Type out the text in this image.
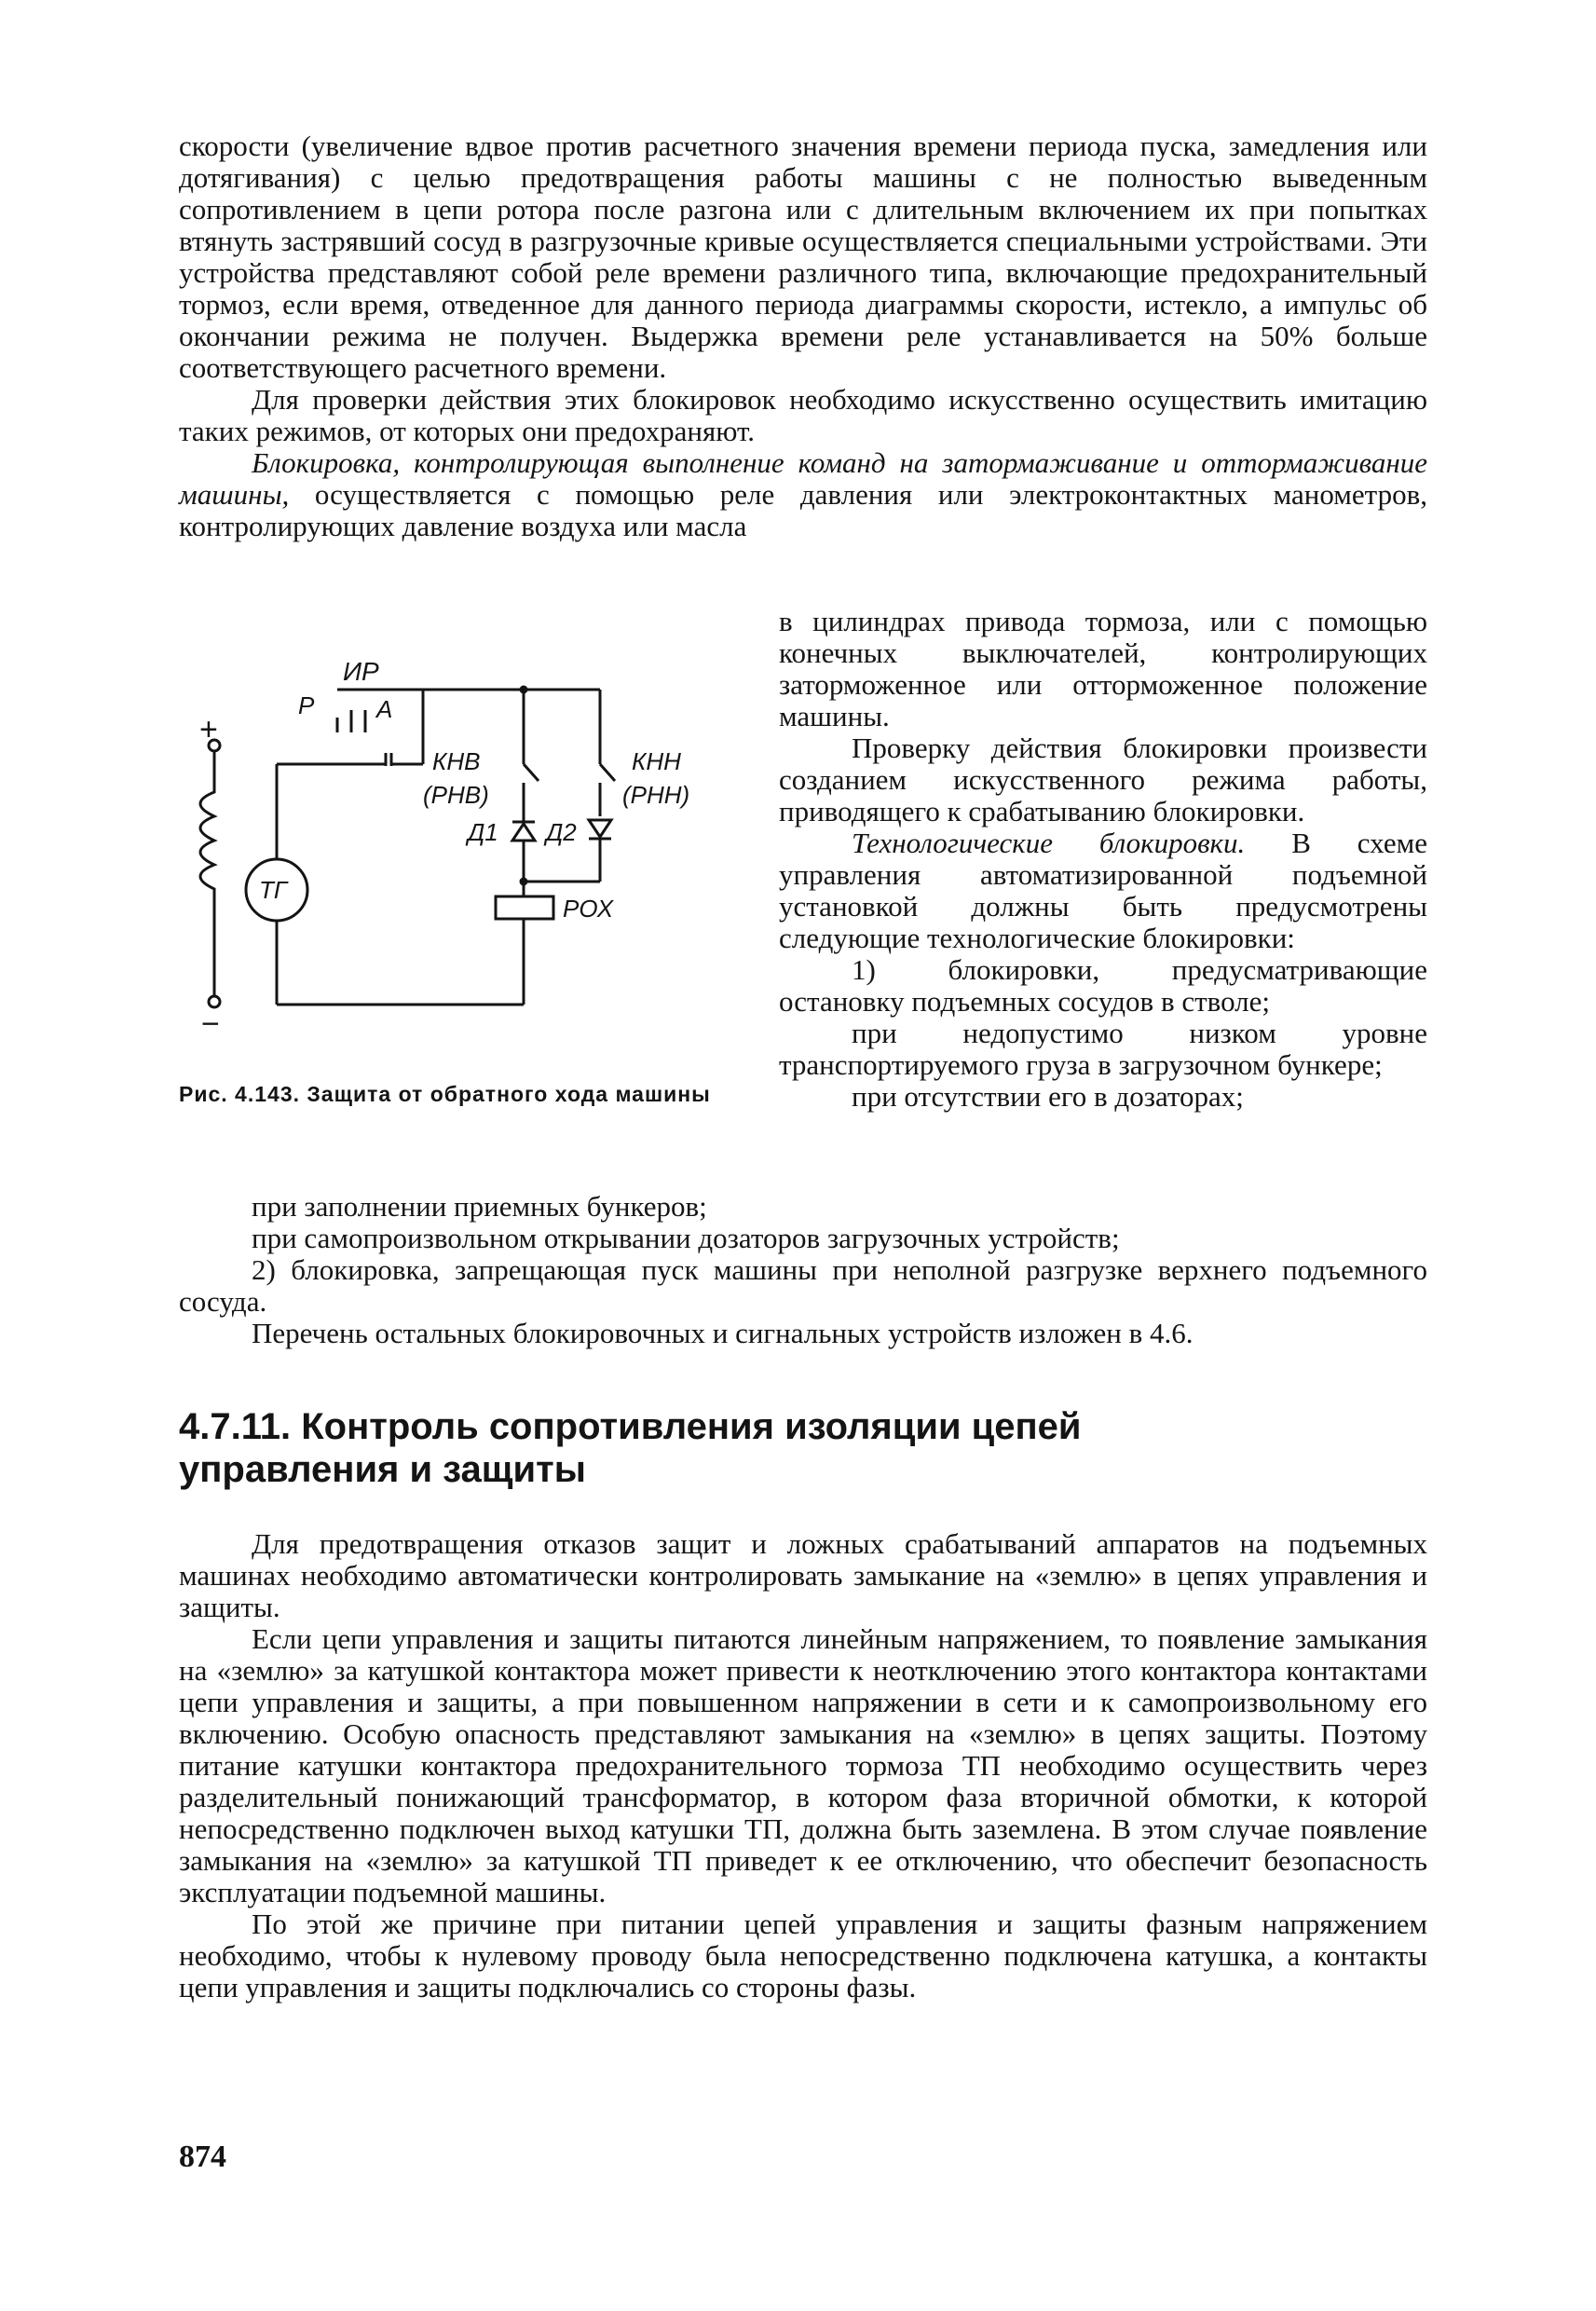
скорости (увеличение вдвое против расчетного значения времени периода пуска, замедления или дотягивания) с целью предотвращения работы машины с не полностью выведенным сопротивлением в цепи ротора после разгона или с длительным включением их при попытках втянуть застрявший сосуд в разгрузочные кривые осуществляется специальными устройствами. Эти устройства представляют собой реле времени различного типа, включающие предохранительный тормоз, если время, отведенное для данного периода диаграммы скорости, истекло, а импульс об окончании режима не получен. Выдержка времени реле устанавливается на 50% больше соответствующего расчетного времени.

Для проверки действия этих блокировок необходимо искусственно осуществить имитацию таких режимов, от которых они предохраняют.

Блокировка, контролирующая выполнение команд на затормаживание и оттормаживание машины, осуществляется с помощью реле давления или электроконтактных манометров, контролирующих давление воздуха или масла

+
−
ИР
Р	А
КНВ
(РНВ)
КНН
(РНН)
Д1 Д2
ТГ
РОХ
Рис. 4.143. Защита от обратного хода машины

в цилиндрах привода тормоза, или с помощью конечных выключателей, контролирующих заторможенное или отторможенное положение машины.

Проверку действия блокировки произвести созданием искусственного режима работы, приводящего к срабатыванию блокировки.

Технологические блокировки. В схеме управления автоматизированной подъемной установкой должны быть предусмотрены следующие технологические блокировки:

1) блокировки, предусматривающие остановку подъемных сосудов в стволе;

при недопустимо низком уровне транспортируемого груза в загрузочном бункере;

при отсутствии его в дозаторах;

при заполнении приемных бункеров;

при самопроизвольном открывании дозаторов загрузочных устройств;

2) блокировка, запрещающая пуск машины при неполной разгрузке верхнего подъемного сосуда.

Перечень остальных блокировочных и сигнальных устройств изложен в 4.6.

4.7.11. Контроль сопротивления изоляции цепей управления и защиты

Для предотвращения отказов защит и ложных срабатываний аппаратов на подъемных машинах необходимо автоматически контролировать замыкание на «землю» в цепях управления и защиты.

Если цепи управления и защиты питаются линейным напряжением, то появление замыкания на «землю» за катушкой контактора может привести к неотключению этого контактора контактами цепи управления и защиты, а при повышенном напряжении в сети и к самопроизвольному его включению. Особую опасность представляют замыкания на «землю» в цепях защиты. Поэтому питание катушки контактора предохранительного тормоза ТП необходимо осуществить через разделительный понижающий трансформатор, в котором фаза вторичной обмотки, к которой непосредственно подключен выход катушки ТП, должна быть заземлена. В этом случае появление замыкания на «землю» за катушкой ТП приведет к ее отключению, что обеспечит безопасность эксплуатации подъемной машины.

По этой же причине при питании цепей управления и защиты фазным напряжением необходимо, чтобы к нулевому проводу была непосредственно подключена катушка, а контакты цепи управления и защиты подключались со стороны фазы.

874
